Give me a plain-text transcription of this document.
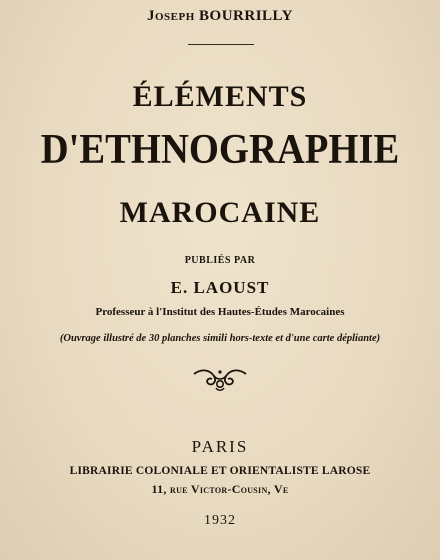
Joseph BOURRILLY
ÉLÉMENTS
D'ETHNOGRAPHIE
MAROCAINE
PUBLIÉS PAR
E. LAOUST
Professeur à l'Institut des Hautes-Études Marocaines
(Ouvrage illustré de 30 planches simili hors-texte et d'une carte dépliante)
PARIS
LIBRAIRIE COLONIALE ET ORIENTALISTE LAROSE
11, rue Victor-Cousin, Ve
1932
